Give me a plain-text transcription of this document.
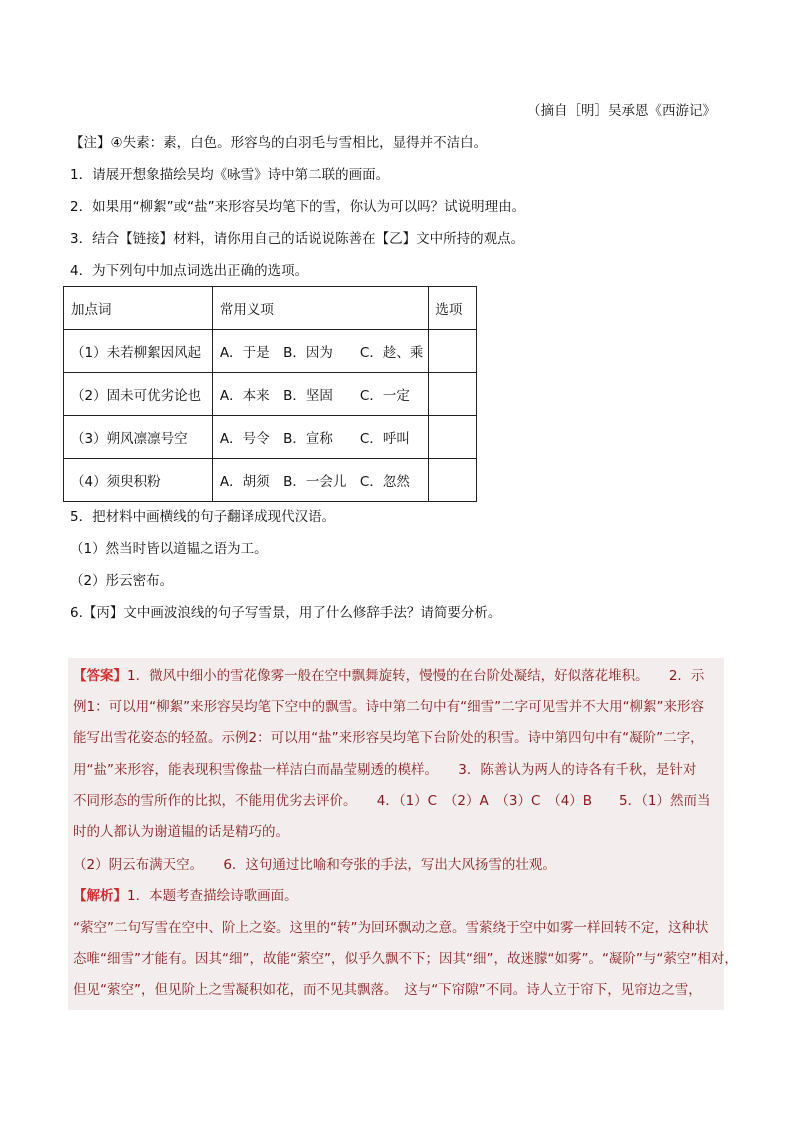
（摘自［明］吴承恩《西游记》
【注】④失素：素，白色。形容鸟的白羽毛与雪相比，显得并不洁白。
1．请展开想象描绘吴均《咏雪》诗中第二联的画面。
2．如果用“柳絮”或“盐”来形容吴均笔下的雪，你认为可以吗？试说明理由。
3．结合【链接】材料，请你用自己的话说说陈善在【乙】文中所持的观点。
4．为下列句中加点词选出正确的选项。
加点词	常用义项	选项
（1）未若柳絮因风起	A．于是　B．因为　　C．趁、乘	
（2）固未可优劣论也	A．本来　B．坚固　　C．一定	
（3）朔风凛凛号空	A．号令　B．宣称　　C．呼叫	
（4）须臾积粉	A．胡须　B．一会儿　C．忽然	
5．把材料中画横线的句子翻译成现代汉语。
（1）然当时皆以道韫之语为工。
（2）彤云密布。
6.【丙】文中画波浪线的句子写雪景，用了什么修辞手法？请简要分析。
【答案】1．微风中细小的雪花像雾一般在空中飘舞旋转，慢慢的在台阶处凝结，好似落花堆积。　　2．示
例1：可以用“柳絮”来形容吴均笔下空中的飘雪。诗中第二句中有“细雪”二字可见雪并不大用“柳絮”来形容
能写出雪花姿态的轻盈。示例2：可以用“盐”来形容吴均笔下台阶处的积雪。诗中第四句中有“凝阶”二字，
用“盐”来形容，能表现积雪像盐一样洁白而晶莹剔透的模样。　　3．陈善认为两人的诗各有千秋，是针对
不同形态的雪所作的比拟，不能用优劣去评价。　　4．（1）C　（2）A　（3）C　（4）B　　5．（1）然而当
时的人都认为谢道韫的话是精巧的。
（2）阴云布满天空。　　6．这句通过比喻和夸张的手法，写出大风扬雪的壮观。
【解析】1．本题考查描绘诗歌画面。
“萦空”二句写雪在空中、阶上之姿。这里的“转”为回环飘动之意。雪萦绕于空中如雾一样回转不定，这种状
态唯“细雪”才能有。因其“细”，故能“萦空”，似乎久飘不下；因其“细”，故迷朦“如雾”。“凝阶”与“萦空”相对，
但见“萦空”，但见阶上之雪凝积如花，而不见其飘落。　这与“下帘隙”不同。诗人立于帘下，见帘边之雪，
